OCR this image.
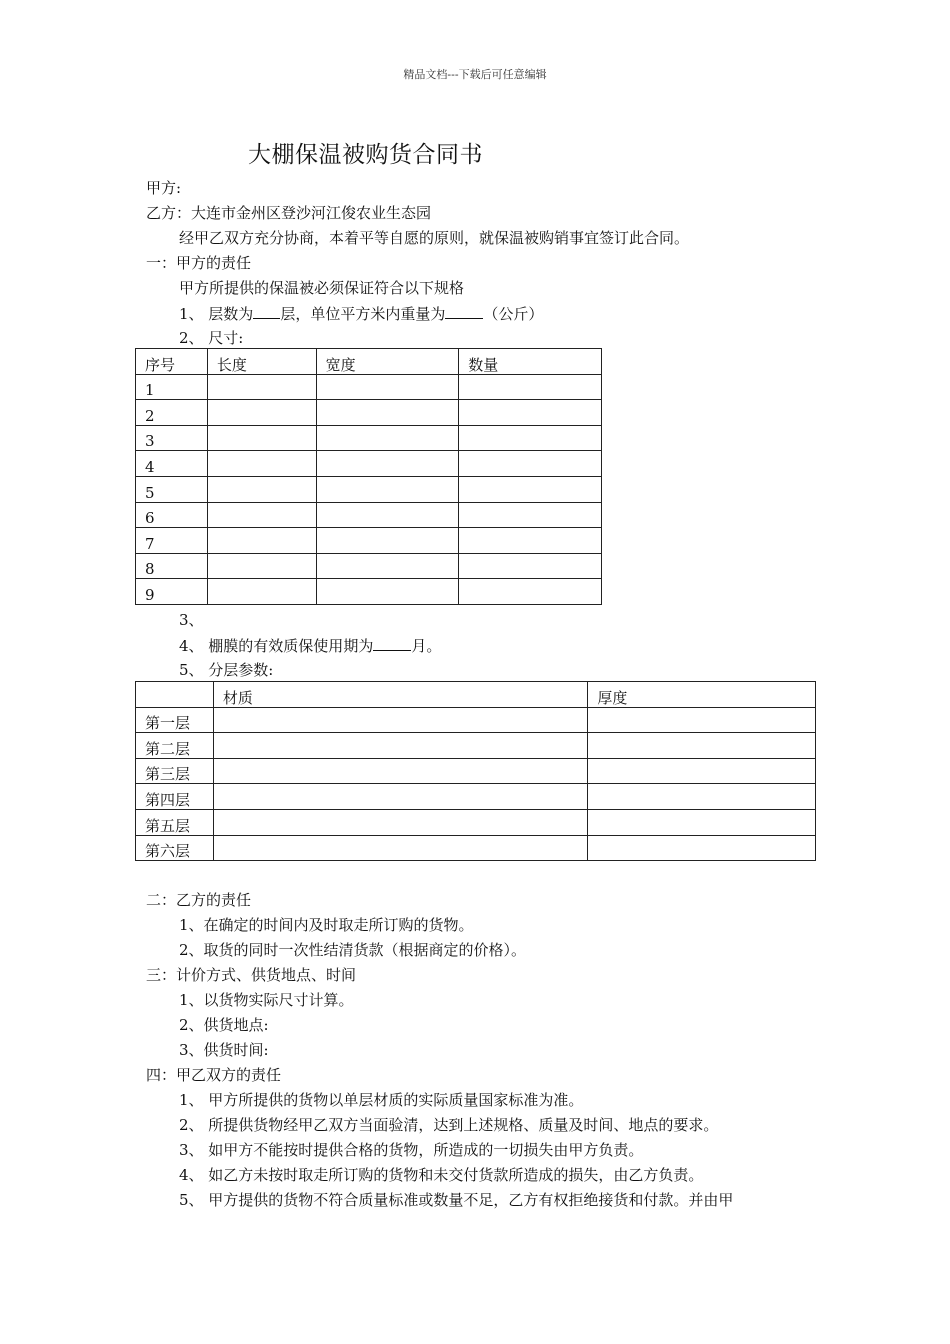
精品文档---下载后可任意编辑
大棚保温被购货合同书
甲方:
乙方：大连市金州区登沙河江俊农业生态园
经甲乙双方充分协商，本着平等自愿的原则，就保温被购销事宜签订此合同。
一：甲方的责任
甲方所提供的保温被必须保证符合以下规格
1、 层数为 层，单位平方米内重量为	（公斤）
2、 尺寸:
序号	长度	宽度	数量
1			
2			
3			
4			
5			
6			
7			
8			
9			
3、
4、 棚膜的有效质保使用期为	月。
5、 分层参数:
	材质	厚度
第一层		
第二层		
第三层		
第四层		
第五层		
第六层		
二：乙方的责任
1、在确定的时间内及时取走所订购的货物。
2、取货的同时一次性结清货款（根据商定的价格）。
三：计价方式、供货地点、时间
1、以货物实际尺寸计算。
2、供货地点:
3、供货时间:
四：甲乙双方的责任
1、 甲方所提供的货物以单层材质的实际质量国家标准为准。
2、 所提供货物经甲乙双方当面验清，达到上述规格、质量及时间、地点的要求。
3、 如甲方不能按时提供合格的货物，所造成的一切损失由甲方负责。
4、 如乙方未按时取走所订购的货物和未交付货款所造成的损失，由乙方负责。
5、 甲方提供的货物不符合质量标准或数量不足，乙方有权拒绝接货和付款。并由甲
